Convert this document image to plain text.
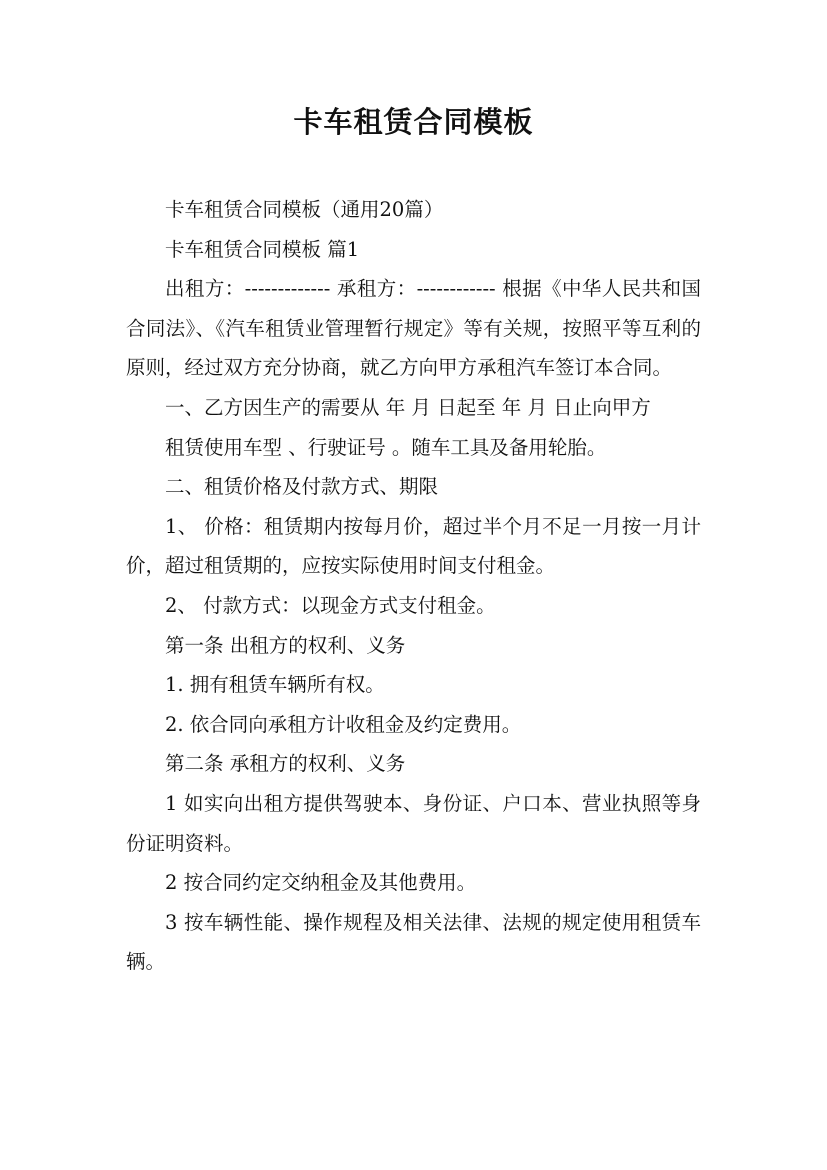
卡车租赁合同模板

卡车租赁合同模板（通用20篇）

卡车租赁合同模板 篇1

出租方：------------- 承租方：------------ 根据《中华人民共和国合同法》、《汽车租赁业管理暂行规定》等有关规，按照平等互利的原则，经过双方充分协商，就乙方向甲方承租汽车签订本合同。

一、乙方因生产的需要从 年 月 日起至 年 月 日止向甲方

租赁使用车型 、行驶证号 。随车工具及备用轮胎。

二、租赁价格及付款方式、期限

1、 价格：租赁期内按每月价，超过半个月不足一月按一月计价，超过租赁期的，应按实际使用时间支付租金。

2、 付款方式：以现金方式支付租金。

第一条 出租方的权利、义务

1. 拥有租赁车辆所有权。

2. 依合同向承租方计收租金及约定费用。

第二条 承租方的权利、义务

1 如实向出租方提供驾驶本、身份证、户口本、营业执照等身份证明资料。

2 按合同约定交纳租金及其他费用。

3 按车辆性能、操作规程及相关法律、法规的规定使用租赁车辆。
